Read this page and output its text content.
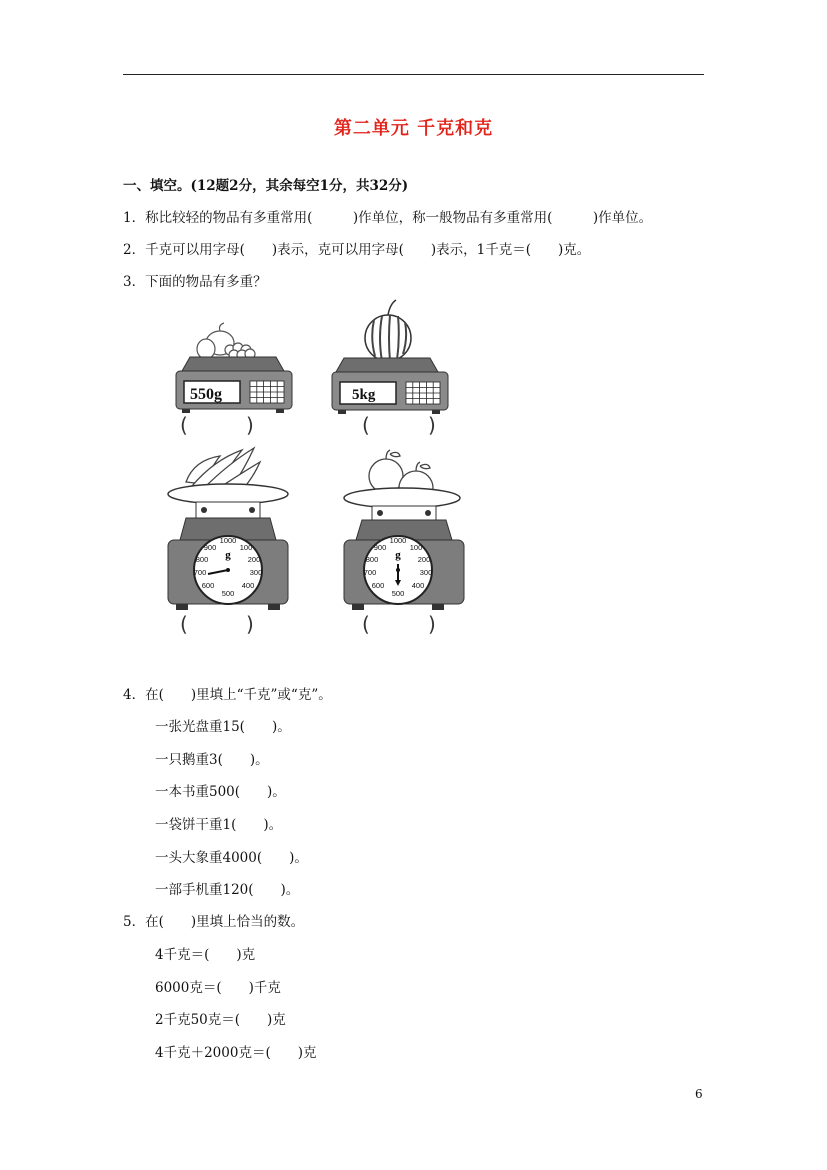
第二单元 千克和克
一、填空。(12题2分，其余每空1分，共32分)
1．称比较轻的物品有多重常用(　　　)作单位，称一般物品有多重常用(　　　)作单位。
2．千克可以用字母(　　)表示，克可以用字母(　　)表示，1千克＝(　　)克。
3．下面的物品有多重？
550g	5kg
(	)	(	)
1000
100
200
300
400
500
600
700
800
900
g
1000
100
200
300
400
500
600
700
800
900
g
(	)	(	)
4．在(　　)里填上“千克”或“克”。
一张光盘重15(　　)。
一只鹅重3(　　)。
一本书重500(　　)。
一袋饼干重1(　　)。
一头大象重4000(　　)。
一部手机重120(　　)。
5．在(　　)里填上恰当的数。
4千克＝(　　)克
6000克＝(　　)千克
2千克50克＝(　　)克
4千克＋2000克＝(　　)克
6
